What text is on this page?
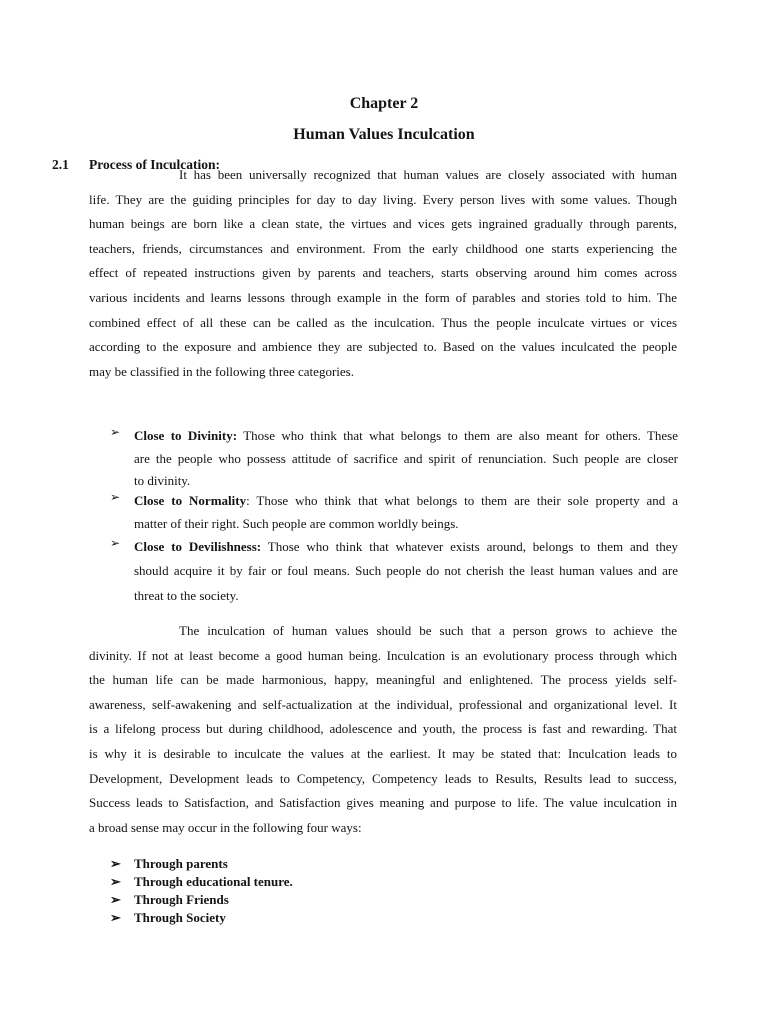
Chapter 2
Human Values Inculcation
2.1 Process of Inculcation:
It has been universally recognized that human values are closely associated with human
life. They are the guiding principles for day to day living. Every person lives with some values. Though
human beings are born like a clean state, the virtues and vices gets ingrained gradually through parents,
teachers, friends, circumstances and environment. From the early childhood one starts experiencing the
effect of repeated instructions given by parents and teachers, starts observing around him comes across
various incidents and learns lessons through example in the form of parables and stories told to him. The
combined effect of all these can be called as the inculcation. Thus the people inculcate virtues or vices
according to the exposure and ambience they are subjected to. Based on the values inculcated the people
may be classified in the following three categories.
➢ Close to Divinity: Those who think that what belongs to them are also meant for others. These
are the people who possess attitude of sacrifice and spirit of renunciation. Such people are closer
to divinity.
➢ Close to Normality: Those who think that what belongs to them are their sole property and a
matter of their right. Such people are common worldly beings.
➢ Close to Devilishness: Those who think that whatever exists around, belongs to them and they
should acquire it by fair or foul means. Such people do not cherish the least human values and are
threat to the society.
The inculcation of human values should be such that a person grows to achieve the
divinity. If not at least become a good human being. Inculcation is an evolutionary process through which
the human life can be made harmonious, happy, meaningful and enlightened. The process yields self-
awareness, self-awakening and self-actualization at the individual, professional and organizational level. It
is a lifelong process but during childhood, adolescence and youth, the process is fast and rewarding. That
is why it is desirable to inculcate the values at the earliest. It may be stated that: Inculcation leads to
Development, Development leads to Competency, Competency leads to Results, Results lead to success,
Success leads to Satisfaction, and Satisfaction gives meaning and purpose to life. The value inculcation in
a broad sense may occur in the following four ways:
➢ Through parents
➢ Through educational tenure.
➢ Through Friends
➢ Through Society
